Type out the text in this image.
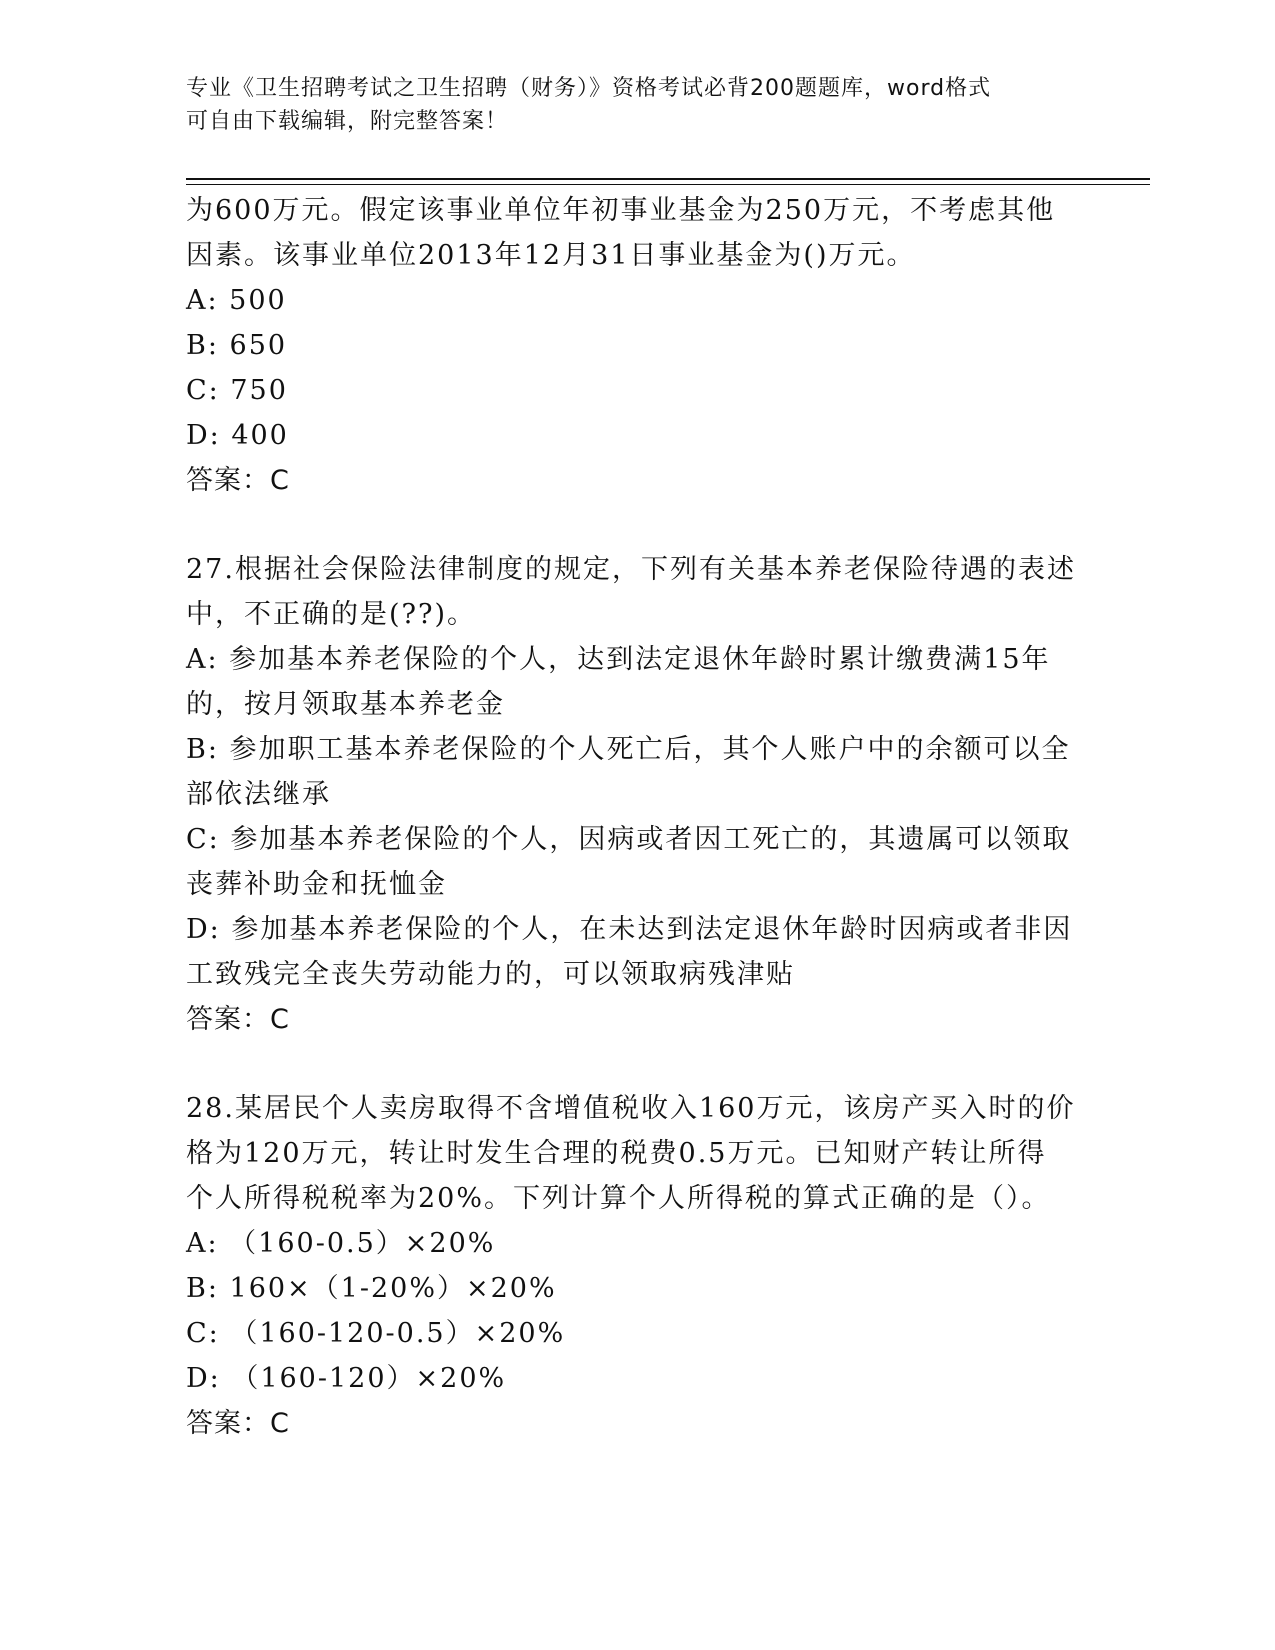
专业《卫生招聘考试之卫生招聘（财务）》资格考试必背200题题库，word格式
可自由下载编辑，附完整答案！
为600万元。假定该事业单位年初事业基金为250万元，不考虑其他
因素。该事业单位2013年12月31日事业基金为()万元。
A: 500
B: 650
C: 750
D: 400
答案：C
27.根据社会保险法律制度的规定，下列有关基本养老保险待遇的表述
中，不正确的是(??)。
A: 参加基本养老保险的个人，达到法定退休年龄时累计缴费满15年
的，按月领取基本养老金
B: 参加职工基本养老保险的个人死亡后，其个人账户中的余额可以全
部依法继承
C: 参加基本养老保险的个人，因病或者因工死亡的，其遗属可以领取
丧葬补助金和抚恤金
D: 参加基本养老保险的个人，在未达到法定退休年龄时因病或者非因
工致残完全丧失劳动能力的，可以领取病残津贴
答案：C
28.某居民个人卖房取得不含增值税收入160万元，该房产买入时的价
格为120万元，转让时发生合理的税费0.5万元。已知财产转让所得
个人所得税税率为20%。下列计算个人所得税的算式正确的是（）。
A: （160-0.5）×20%
B: 160×（1-20%）×20%
C: （160-120-0.5）×20%
D: （160-120）×20%
答案：C
